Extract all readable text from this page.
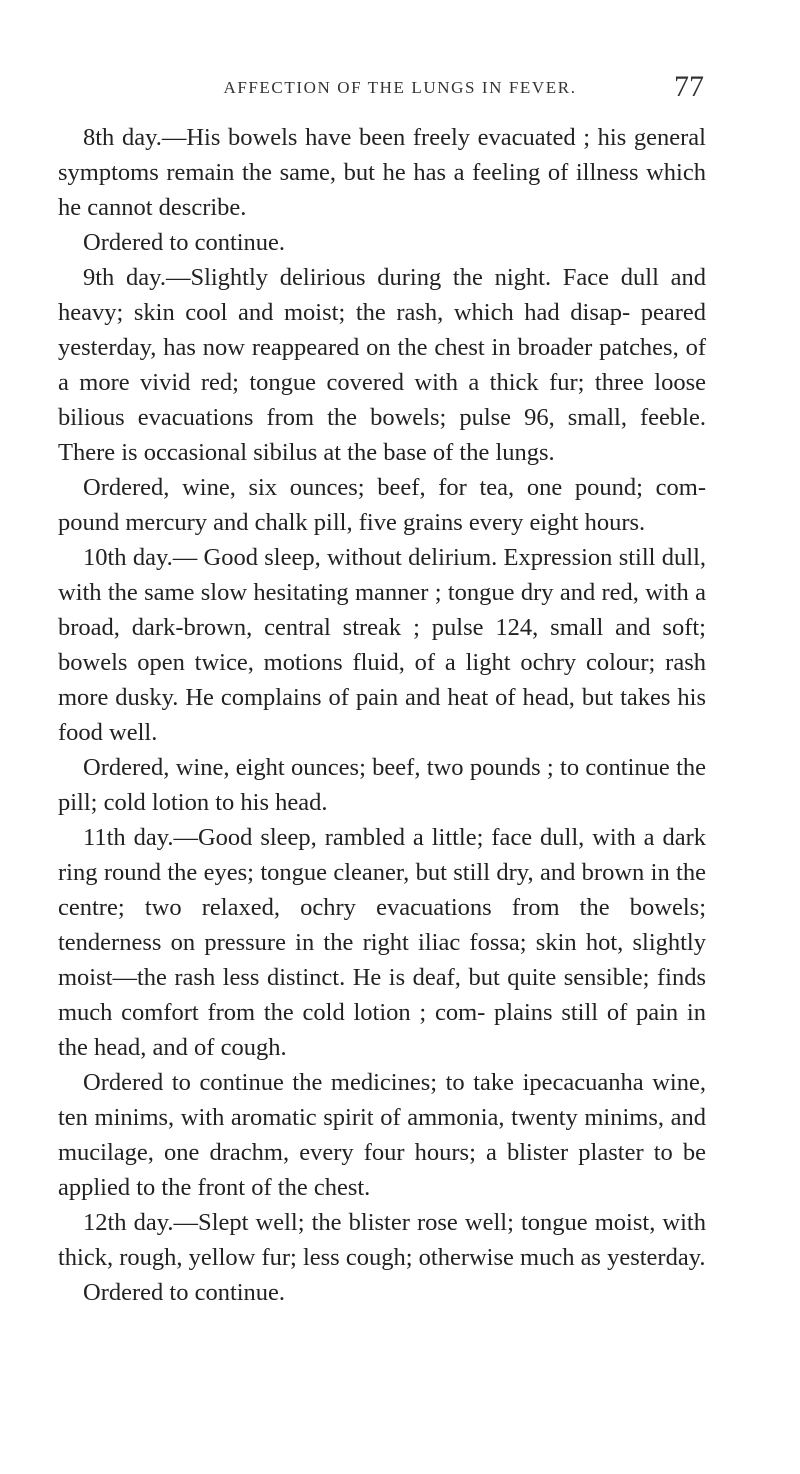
AFFECTION OF THE LUNGS IN FEVER.	77

8th day.—His bowels have been freely evacuated ; his general symptoms remain the same, but he has a feeling of illness which he cannot describe.

Ordered to continue.

9th day.—Slightly delirious during the night. Face dull and heavy; skin cool and moist; the rash, which had disap- peared yesterday, has now reappeared on the chest in broader patches, of a more vivid red; tongue covered with a thick fur; three loose bilious evacuations from the bowels; pulse 96, small, feeble. There is occasional sibilus at the base of the lungs.

Ordered, wine, six ounces; beef, for tea, one pound; com- pound mercury and chalk pill, five grains every eight hours.

10th day.— Good sleep, without delirium. Expression still dull, with the same slow hesitating manner ; tongue dry and red, with a broad, dark-brown, central streak ; pulse 124, small and soft; bowels open twice, motions fluid, of a light ochry colour; rash more dusky. He complains of pain and heat of head, but takes his food well.

Ordered, wine, eight ounces; beef, two pounds ; to continue the pill; cold lotion to his head.

11th day.—Good sleep, rambled a little; face dull, with a dark ring round the eyes; tongue cleaner, but still dry, and brown in the centre; two relaxed, ochry evacuations from the bowels; tenderness on pressure in the right iliac fossa; skin hot, slightly moist—the rash less distinct. He is deaf, but quite sensible; finds much comfort from the cold lotion ; com- plains still of pain in the head, and of cough.

Ordered to continue the medicines; to take ipecacuanha wine, ten minims, with aromatic spirit of ammonia, twenty minims, and mucilage, one drachm, every four hours; a blister plaster to be applied to the front of the chest.

12th day.—Slept well; the blister rose well; tongue moist, with thick, rough, yellow fur; less cough; otherwise much as yesterday.

Ordered to continue.
